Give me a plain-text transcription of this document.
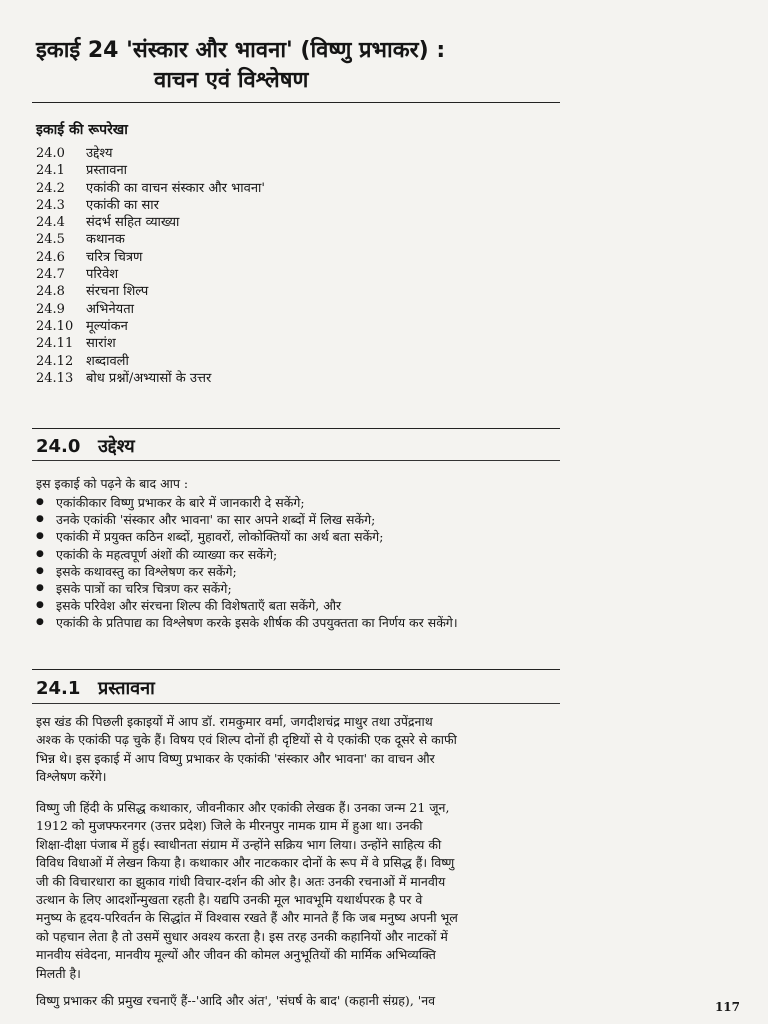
इकाई 24 'संस्कार और भावना' (विष्णु प्रभाकर) :
वाचन एवं विश्लेषण
इकाई की रूपरेखा
24.0	उद्देश्य
24.1	प्रस्तावना
24.2	एकांकी का वाचन संस्कार और भावना'
24.3	एकांकी का सार
24.4	संदर्भ सहित व्याख्या
24.5	कथानक
24.6	चरित्र चित्रण
24.7	परिवेश
24.8	संरचना शिल्प
24.9	अभिनेयता
24.10 मूल्यांकन
24.11 सारांश
24.12 शब्दावली
24.13 बोध प्रश्नों/अभ्यासों के उत्तर
24.0 उद्देश्य
इस इकाई को पढ़ने के बाद आप :
● एकांकीकार विष्णु प्रभाकर के बारे में जानकारी दे सकेंगे;
● उनके एकांकी 'संस्कार और भावना' का सार अपने शब्दों में लिख सकेंगे;
● एकांकी में प्रयुक्त कठिन शब्दों, मुहावरों, लोकोक्तियों का अर्थ बता सकेंगे;
● एकांकी के महत्वपूर्ण अंशों की व्याख्या कर सकेंगे;
● इसके कथावस्तु का विश्लेषण कर सकेंगे;
● इसके पात्रों का चरित्र चित्रण कर सकेंगे;
● इसके परिवेश और संरचना शिल्प की विशेषताएँ बता सकेंगे, और
● एकांकी के प्रतिपाद्य का विश्लेषण करके इसके शीर्षक की उपयुक्तता का निर्णय कर सकेंगे।
24.1 प्रस्तावना

इस खंड की पिछली इकाइयों में आप डॉ. रामकुमार वर्मा, जगदीशचंद्र माथुर तथा उपेंद्रनाथ
अश्क के एकांकी पढ़ चुके हैं। विषय एवं शिल्प दोनों ही दृष्टियों से ये एकांकी एक दूसरे से काफी
भिन्न थे। इस इकाई में आप विष्णु प्रभाकर के एकांकी 'संस्कार और भावना' का वाचन और
विश्लेषण करेंगे।

विष्णु जी हिंदी के प्रसिद्ध कथाकार, जीवनीकार और एकांकी लेखक हैं। उनका जन्म 21 जून,
1912 को मुजफ्फरनगर (उत्तर प्रदेश) जिले के मीरनपुर नामक ग्राम में हुआ था। उनकी
शिक्षा-दीक्षा पंजाब में हुई। स्वाधीनता संग्राम में उन्होंने सक्रिय भाग लिया। उन्होंने साहित्य की
विविध विधाओं में लेखन किया है। कथाकार और नाटककार दोनों के रूप में वे प्रसिद्ध हैं। विष्णु
जी की विचारधारा का झुकाव गांधी विचार-दर्शन की ओर है। अतः उनकी रचनाओं में मानवीय
उत्थान के लिए आदर्शोन्मुखता रहती है। यद्यपि उनकी मूल भावभूमि यथार्थपरक है पर वे
मनुष्य के हृदय-परिवर्तन के सिद्धांत में विश्वास रखते हैं और मानते हैं कि जब मनुष्य अपनी भूल
को पहचान लेता है तो उसमें सुधार अवश्य करता है। इस तरह उनकी कहानियों और नाटकों में
मानवीय संवेदना, मानवीय मूल्यों और जीवन की कोमल अनुभूतियों की मार्मिक अभिव्यक्ति
मिलती है।

विष्णु प्रभाकर की प्रमुख रचनाएँ हैं--'आदि और अंत', 'संघर्ष के बाद' (कहानी संग्रह), 'नव	117
